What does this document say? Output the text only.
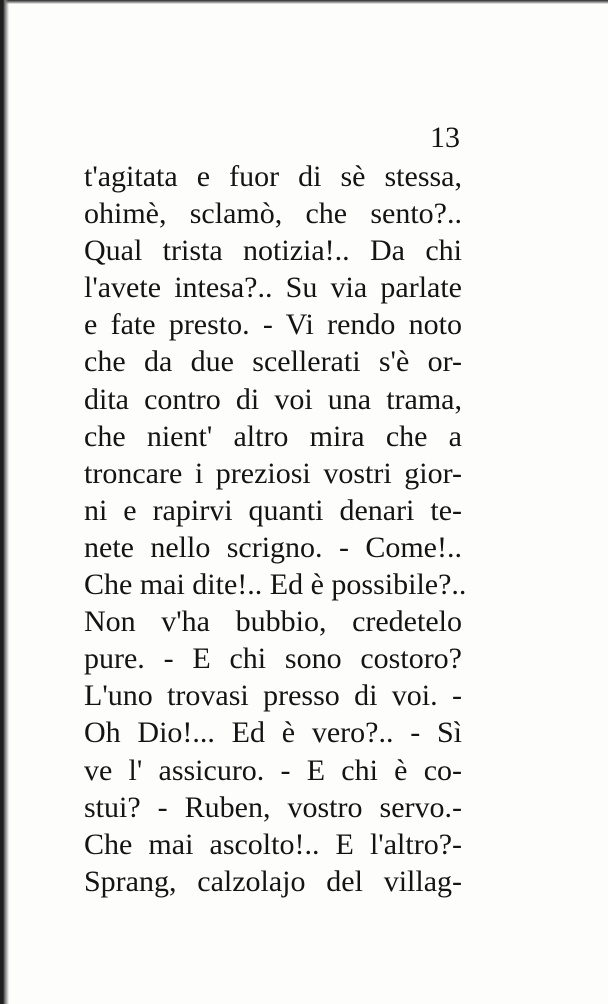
13
t'agitata e fuor di sè stessa,
ohimè, sclamò, che sento?..
Qual trista notizia!.. Da chi
l'avete intesa?.. Su via parlate
e fate presto. - Vi rendo noto
che da due scellerati s'è or-
dita contro di voi una trama,
che nient' altro mira che a
troncare i preziosi vostri gior-
ni e rapirvi quanti denari te-
nete nello scrigno. - Come!..
Che mai dite!.. Ed è possibile?..
Non v'ha bubbio, credetelo
pure. - E chi sono costoro?
L'uno trovasi presso di voi. -
Oh Dio!... Ed è vero?.. - Sì
ve l' assicuro. - E chi è co-
stui? - Ruben, vostro servo.-
Che mai ascolto!.. E l'altro?-
Sprang, calzolajo del villag-
